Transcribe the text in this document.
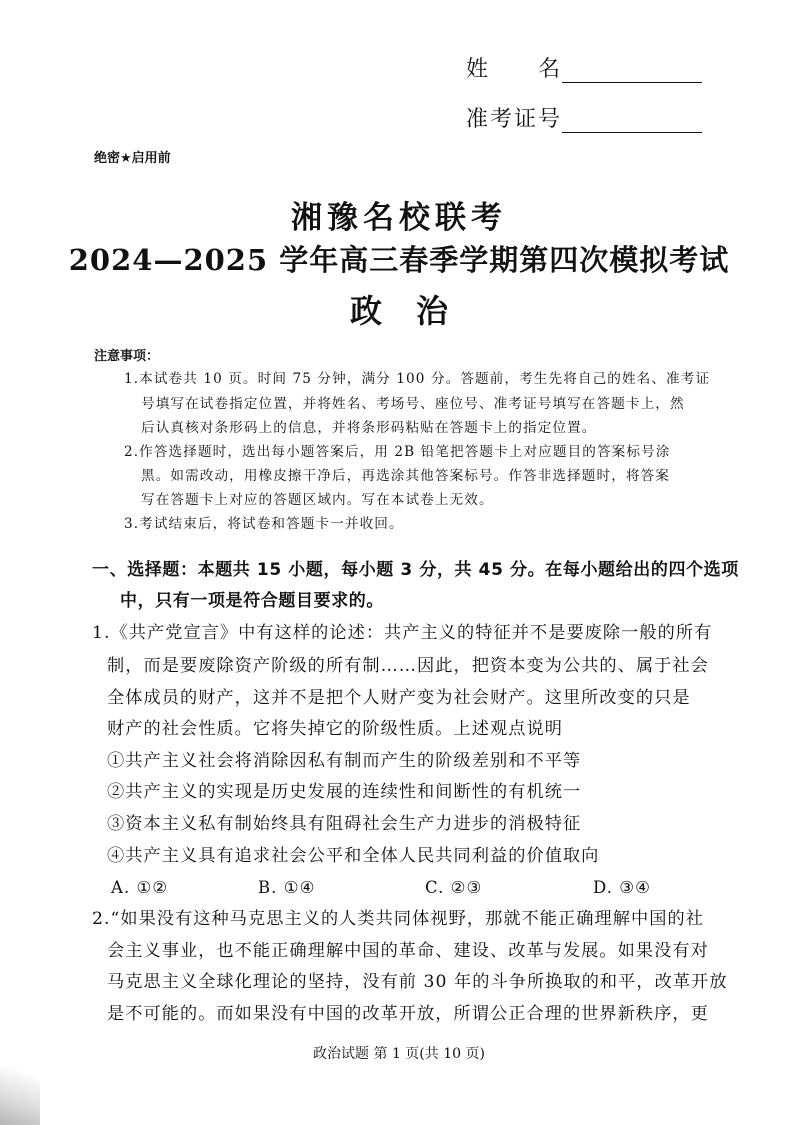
姓　　名
准考证号
绝密★启用前
湘豫名校联考
2024—2025 学年高三春季学期第四次模拟考试
政治
注意事项：
1.本试卷共 10 页。时间 75 分钟，满分 100 分。答题前，考生先将自己的姓名、准考证
号填写在试卷指定位置，并将姓名、考场号、座位号、准考证号填写在答题卡上，然
后认真核对条形码上的信息，并将条形码粘贴在答题卡上的指定位置。
2.作答选择题时，选出每小题答案后，用 2B 铅笔把答题卡上对应题目的答案标号涂
黑。如需改动，用橡皮擦干净后，再选涂其他答案标号。作答非选择题时，将答案
写在答题卡上对应的答题区域内。写在本试卷上无效。
3.考试结束后，将试卷和答题卡一并收回。
一、选择题：本题共 15 小题，每小题 3 分，共 45 分。在每小题给出的四个选项
中，只有一项是符合题目要求的。
1.《共产党宣言》中有这样的论述：共产主义的特征并不是要废除一般的所有
制，而是要废除资产阶级的所有制……因此，把资本变为公共的、属于社会
全体成员的财产，这并不是把个人财产变为社会财产。这里所改变的只是
财产的社会性质。它将失掉它的阶级性质。上述观点说明
①共产主义社会将消除因私有制而产生的阶级差别和不平等
②共产主义的实现是历史发展的连续性和间断性的有机统一
③资本主义私有制始终具有阻碍社会生产力进步的消极特征
④共产主义具有追求社会公平和全体人民共同利益的价值取向
A. ①②	B. ①④	C. ②③	D. ③④
2.“如果没有这种马克思主义的人类共同体视野，那就不能正确理解中国的社
会主义事业，也不能正确理解中国的革命、建设、改革与发展。如果没有对
马克思主义全球化理论的坚持，没有前 30 年的斗争所换取的和平，改革开放
是不可能的。而如果没有中国的改革开放，所谓公正合理的世界新秩序，更
政治试题 第 1 页(共 10 页)
